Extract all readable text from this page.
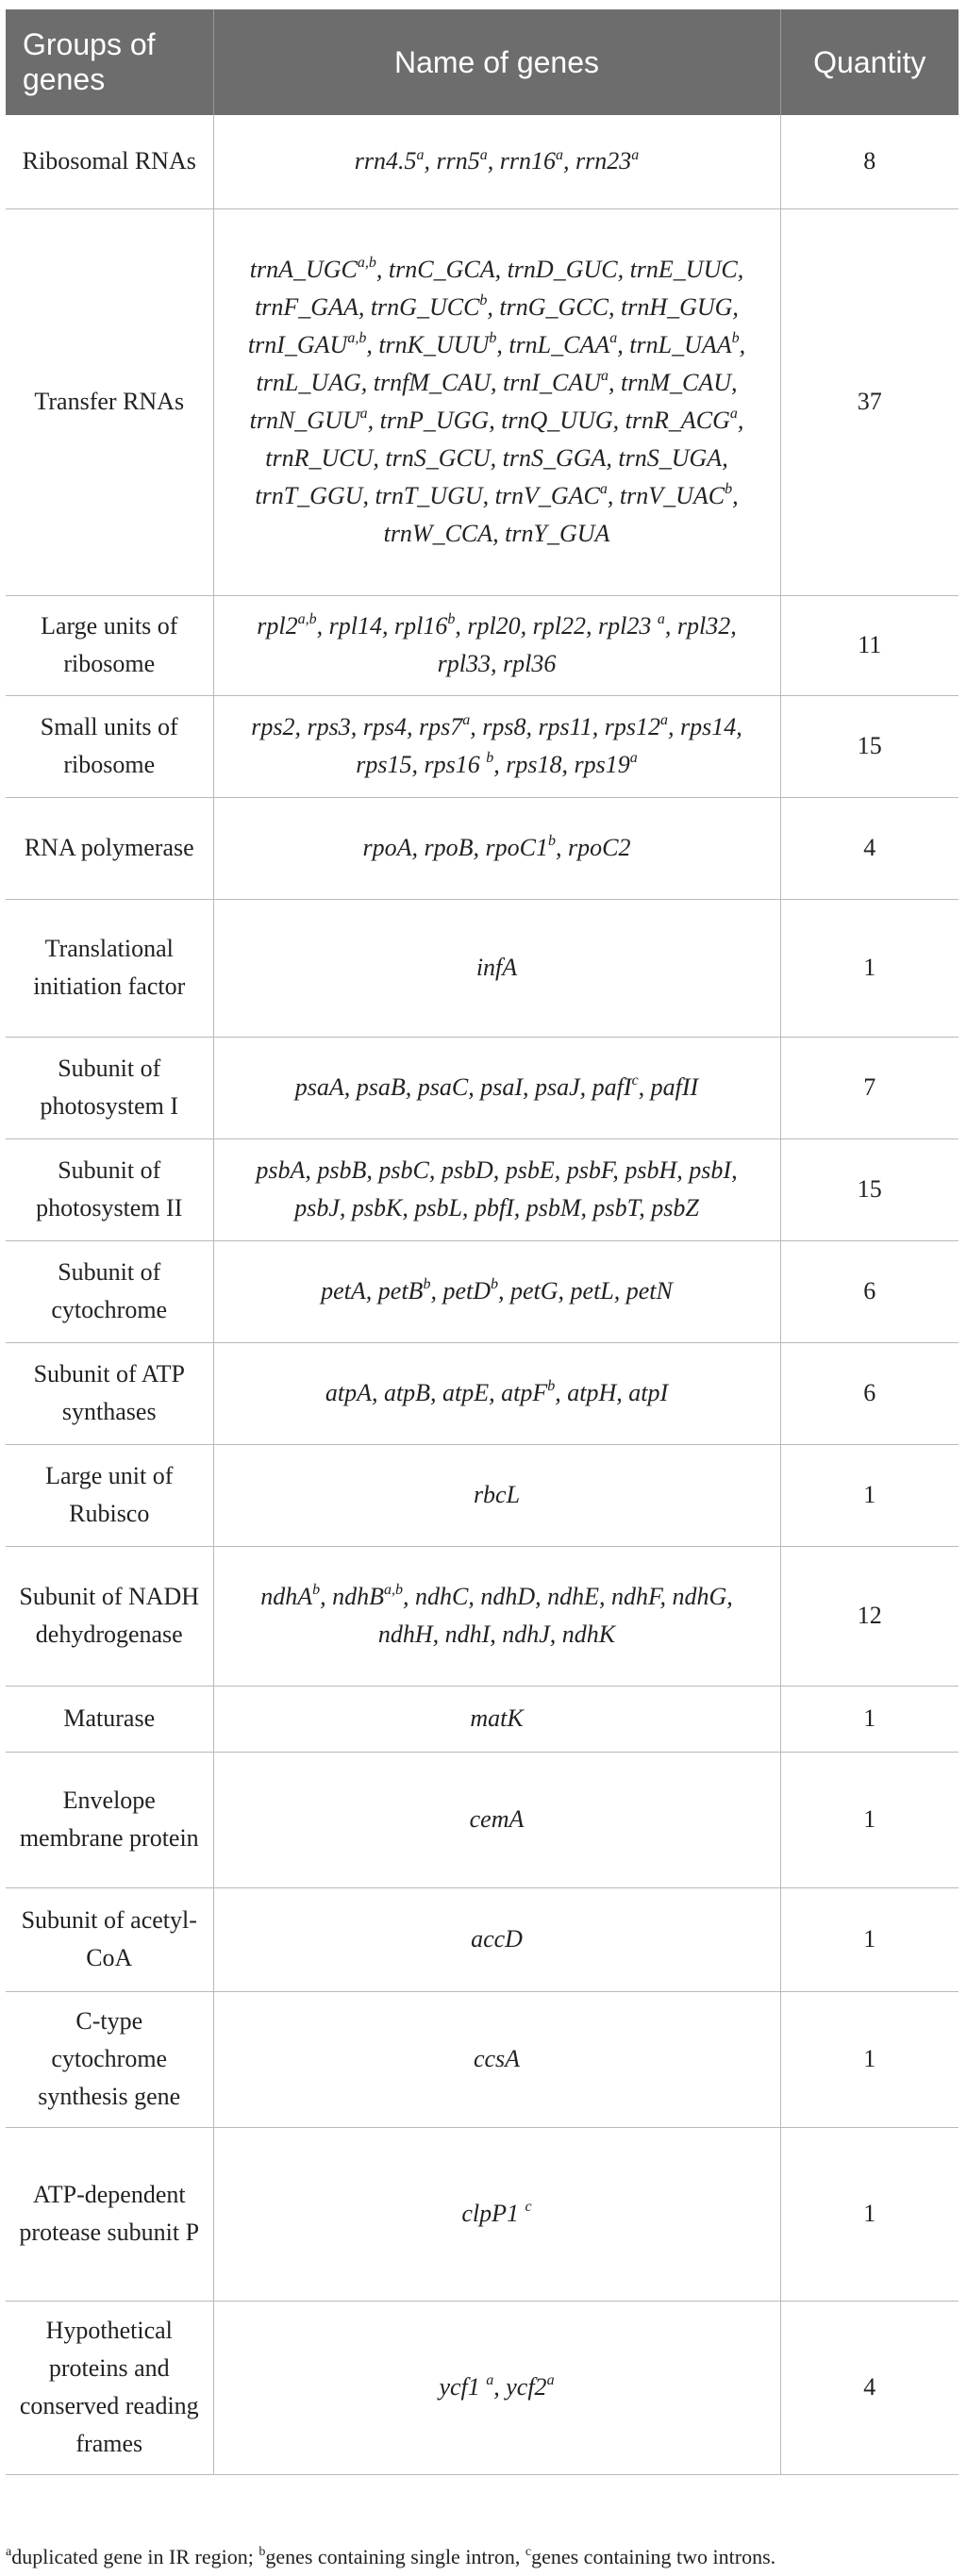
Groups of genes	Name of genes	Quantity
Ribosomal RNAs	rrn4.5$^a$, rrn5$^a$, rrn16$^a$, rrn23$^a$	8
Transfer RNAs	trnA_UGC$^{a,b}$, trnC_GCA, trnD_GUC, trnE_UUC, trnF_GAA, trnG_UCC$^b$, trnG_GCC, trnH_GUG, trnI_GAU$^{a,b}$, trnK_UUU$^b$, trnL_CAA$^a$, trnL_UAA$^b$, trnL_UAG, trnfM_CAU, trnI_CAU$^a$, trnM_CAU, trnN_GUU$^a$, trnP_UGG, trnQ_UUG, trnR_ACG$^a$, trnR_UCU, trnS_GCU, trnS_GGA, trnS_UGA, trnT_GGU, trnT_UGU, trnV_GAC$^a$, trnV_UAC$^b$, trnW_CCA, trnY_GUA	37
Large units of ribosome	rpl2$^{a,b}$, rpl14, rpl16$^b$, rpl20, rpl22, rpl23 $^a$, rpl32, rpl33, rpl36	11
Small units of ribosome	rps2, rps3, rps4, rps7$^a$, rps8, rps11, rps12$^a$, rps14, rps15, rps16 $^b$, rps18, rps19$^a$	15
RNA polymerase	rpoA, rpoB, rpoC1$^b$, rpoC2	4
Translational initiation factor	infA	1
Subunit of photosystem I	psaA, psaB, psaC, psaI, psaJ, pafI$^c$, pafII	7
Subunit of photosystem II	psbA, psbB, psbC, psbD, psbE, psbF, psbH, psbI, psbJ, psbK, psbL, pbfI, psbM, psbT, psbZ	15
Subunit of cytochrome	petA, petB$^b$, petD$^b$, petG, petL, petN	6
Subunit of ATP synthases	atpA, atpB, atpE, atpF$^b$, atpH, atpI	6
Large unit of Rubisco	rbcL	1
Subunit of NADH dehydrogenase	ndhA$^b$, ndhB$^{a,b}$, ndhC, ndhD, ndhE, ndhF, ndhG, ndhH, ndhI, ndhJ, ndhK	12
Maturase	matK	1
Envelope membrane protein	cemA	1
Subunit of acetyl-CoA	accD	1
C-type cytochrome synthesis gene	ccsA	1
ATP-dependent protease subunit P	clpP1 $^c$	1
Hypothetical proteins and conserved reading frames	ycf1 $^a$, ycf2$^a$	4
$^a$duplicated gene in IR region; $^b$genes containing single intron, $^c$genes containing two introns.
